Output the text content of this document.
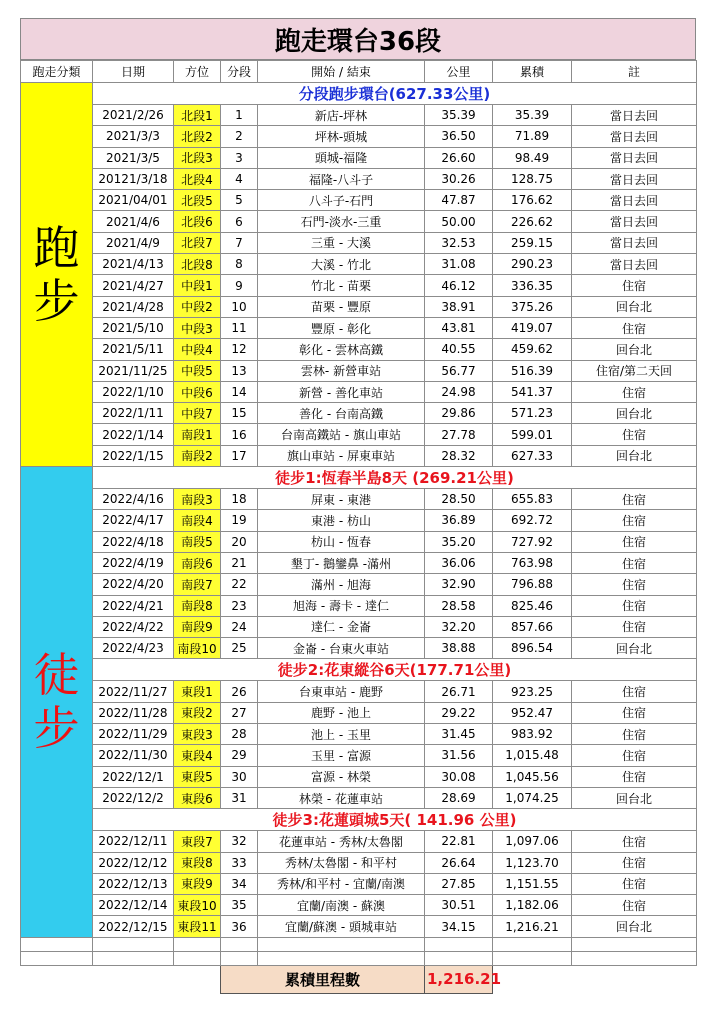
跑走環台36段
跑走分類	日期	方位	分段	開始 / 結束	公里	累積	註

跑
步	分段跑步環台(627.33公里)						
	2021/2/26	北段1	1	新店-坪林	35.39	35.39	當日去回
	2021/3/3	北段2	2	坪林-頭城	36.50	71.89	當日去回
	2021/3/5	北段3	3	頭城-福隆	26.60	98.49	當日去回
	20121/3/18	北段4	4	福隆-八斗子	30.26	128.75	當日去回
	2021/04/01	北段5	5	八斗子-石門	47.87	176.62	當日去回
	2021/4/6	北段6	6	石門-淡水-三重	50.00	226.62	當日去回
	2021/4/9	北段7	7	三重 - 大溪	32.53	259.15	當日去回
	2021/4/13	北段8	8	大溪 - 竹北	31.08	290.23	當日去回
	2021/4/27	中段1	9	竹北 - 苗栗	46.12	336.35	住宿
	2021/4/28	中段2	10	苗栗 - 豐原	38.91	375.26	回台北
	2021/5/10	中段3	11	豐原 - 彰化	43.81	419.07	住宿
	2021/5/11	中段4	12	彰化 - 雲林高鐵	40.55	459.62	回台北
	2021/11/25	中段5	13	雲林- 新營車站	56.77	516.39	住宿/第二天回
	2022/1/10	中段6	14	新營 - 善化車站	24.98	541.37	住宿
	2022/1/11	中段7	15	善化 - 台南高鐵	29.86	571.23	回台北
	2022/1/14	南段1	16	台南高鐵站 - 旗山車站	27.78	599.01	住宿
	2022/1/15	南段2	17	旗山車站 - 屏東車站	28.32	627.33	回台北

徒
步	徒步1:恆春半島8天 (269.21公里)						
	2022/4/16	南段3	18	屏東 - 東港	28.50	655.83	住宿
	2022/4/17	南段4	19	東港 - 枋山	36.89	692.72	住宿
	2022/4/18	南段5	20	枋山 - 恆春	35.20	727.92	住宿
	2022/4/19	南段6	21	墾丁- 鵝鑾鼻 -滿州	36.06	763.98	住宿
	2022/4/20	南段7	22	滿州 - 旭海	32.90	796.88	住宿
	2022/4/21	南段8	23	旭海 - 壽卡 - 達仁	28.58	825.46	住宿
	2022/4/22	南段9	24	達仁 - 金崙	32.20	857.66	住宿
	2022/4/23	南段10	25	金崙 - 台東火車站	38.88	896.54	回台北
	徒步2:花東縱谷6天(177.71公里)						
	2022/11/27	東段1	26	台東車站 - 鹿野	26.71	923.25	住宿
	2022/11/28	東段2	27	鹿野 - 池上	29.22	952.47	住宿
	2022/11/29	東段3	28	池上 - 玉里	31.45	983.92	住宿
	2022/11/30	東段4	29	玉里 - 富源	31.56	1,015.48	住宿
	2022/12/1	東段5	30	富源 - 林榮	30.08	1,045.56	住宿
	2022/12/2	東段6	31	林榮 - 花蓮車站	28.69	1,074.25	回台北
	徒步3:花蓮頭城5天( 141.96 公里)						
	2022/12/11	東段7	32	花蓮車站 - 秀林/太魯閣	22.81	1,097.06	住宿
	2022/12/12	東段8	33	秀林/太魯閣 - 和平村	26.64	1,123.70	住宿
	2022/12/13	東段9	34	秀林/和平村 - 宜蘭/南澳	27.85	1,151.55	住宿
	2022/12/14	東段10	35	宜蘭/南澳 - 蘇澳	30.51	1,182.06	住宿
	2022/12/15	東段11	36	宜蘭/蘇澳 - 頭城車站	34.15	1,216.21	回台北

			累積里程數		1,216.21		
